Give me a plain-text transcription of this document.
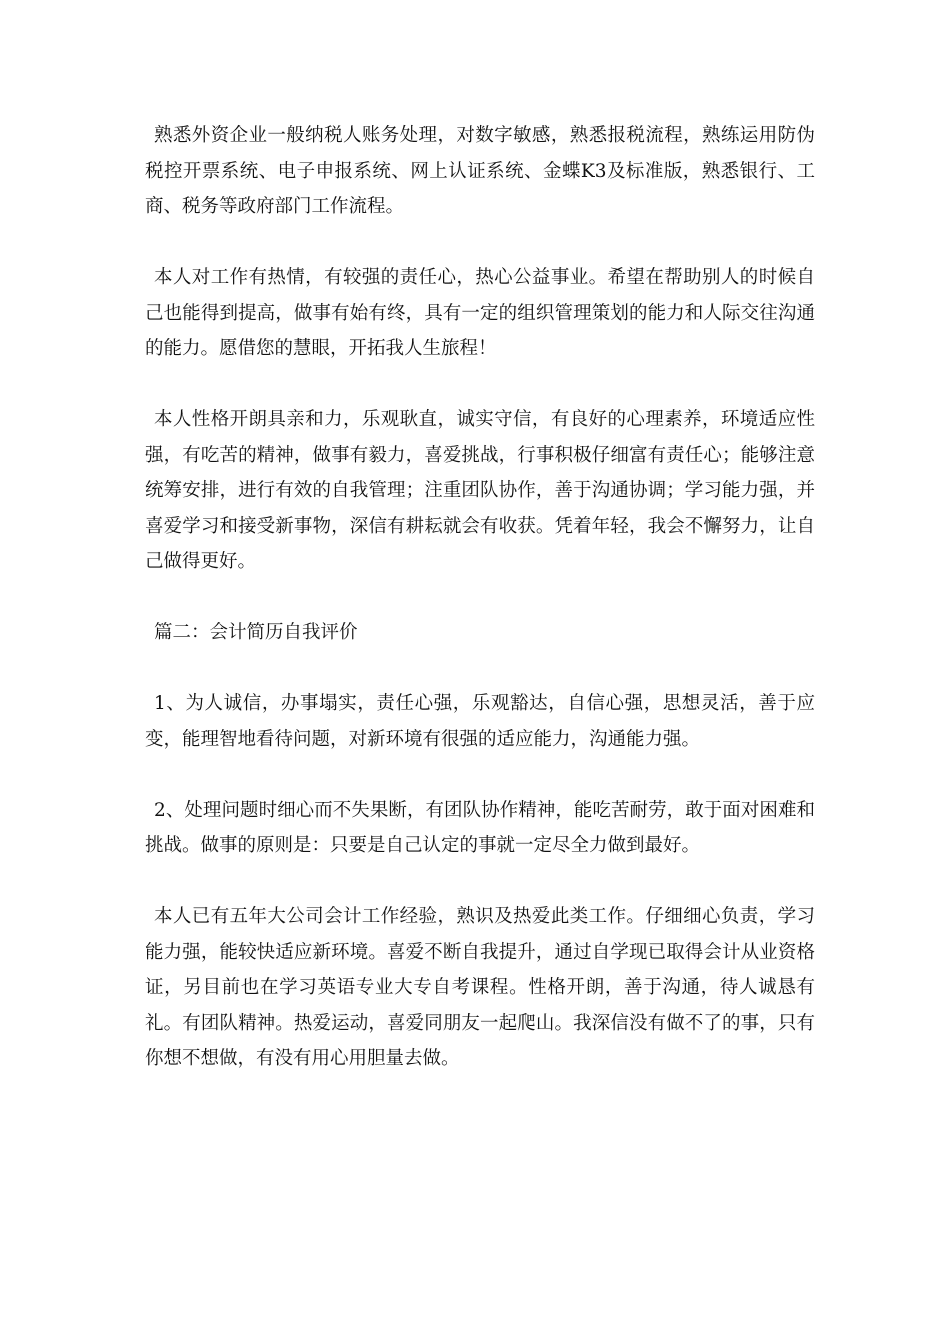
熟悉外资企业一般纳税人账务处理，对数字敏感，熟悉报税流程，熟练运用防伪税控开票系统、电子申报系统、网上认证系统、金蝶K3及标准版，熟悉银行、工商、税务等政府部门工作流程。

本人对工作有热情，有较强的责任心，热心公益事业。希望在帮助别人的时候自己也能得到提高，做事有始有终，具有一定的组织管理策划的能力和人际交往沟通的能力。愿借您的慧眼，开拓我人生旅程！

本人性格开朗具亲和力，乐观耿直，诚实守信，有良好的心理素养，环境适应性强，有吃苦的精神，做事有毅力，喜爱挑战，行事积极仔细富有责任心；能够注意统筹安排，进行有效的自我管理；注重团队协作，善于沟通协调；学习能力强，并喜爱学习和接受新事物，深信有耕耘就会有收获。凭着年轻，我会不懈努力，让自己做得更好。

篇二：会计简历自我评价

1、为人诚信，办事塌实，责任心强，乐观豁达，自信心强，思想灵活，善于应变，能理智地看待问题，对新环境有很强的适应能力，沟通能力强。

2、处理问题时细心而不失果断，有团队协作精神，能吃苦耐劳，敢于面对困难和挑战。做事的原则是：只要是自己认定的事就一定尽全力做到最好。

本人已有五年大公司会计工作经验，熟识及热爱此类工作。仔细细心负责，学习能力强，能较快适应新环境。喜爱不断自我提升，通过自学现已取得会计从业资格证，另目前也在学习英语专业大专自考课程。性格开朗，善于沟通，待人诚恳有礼。有团队精神。热爱运动，喜爱同朋友一起爬山。我深信没有做不了的事，只有你想不想做，有没有用心用胆量去做。
